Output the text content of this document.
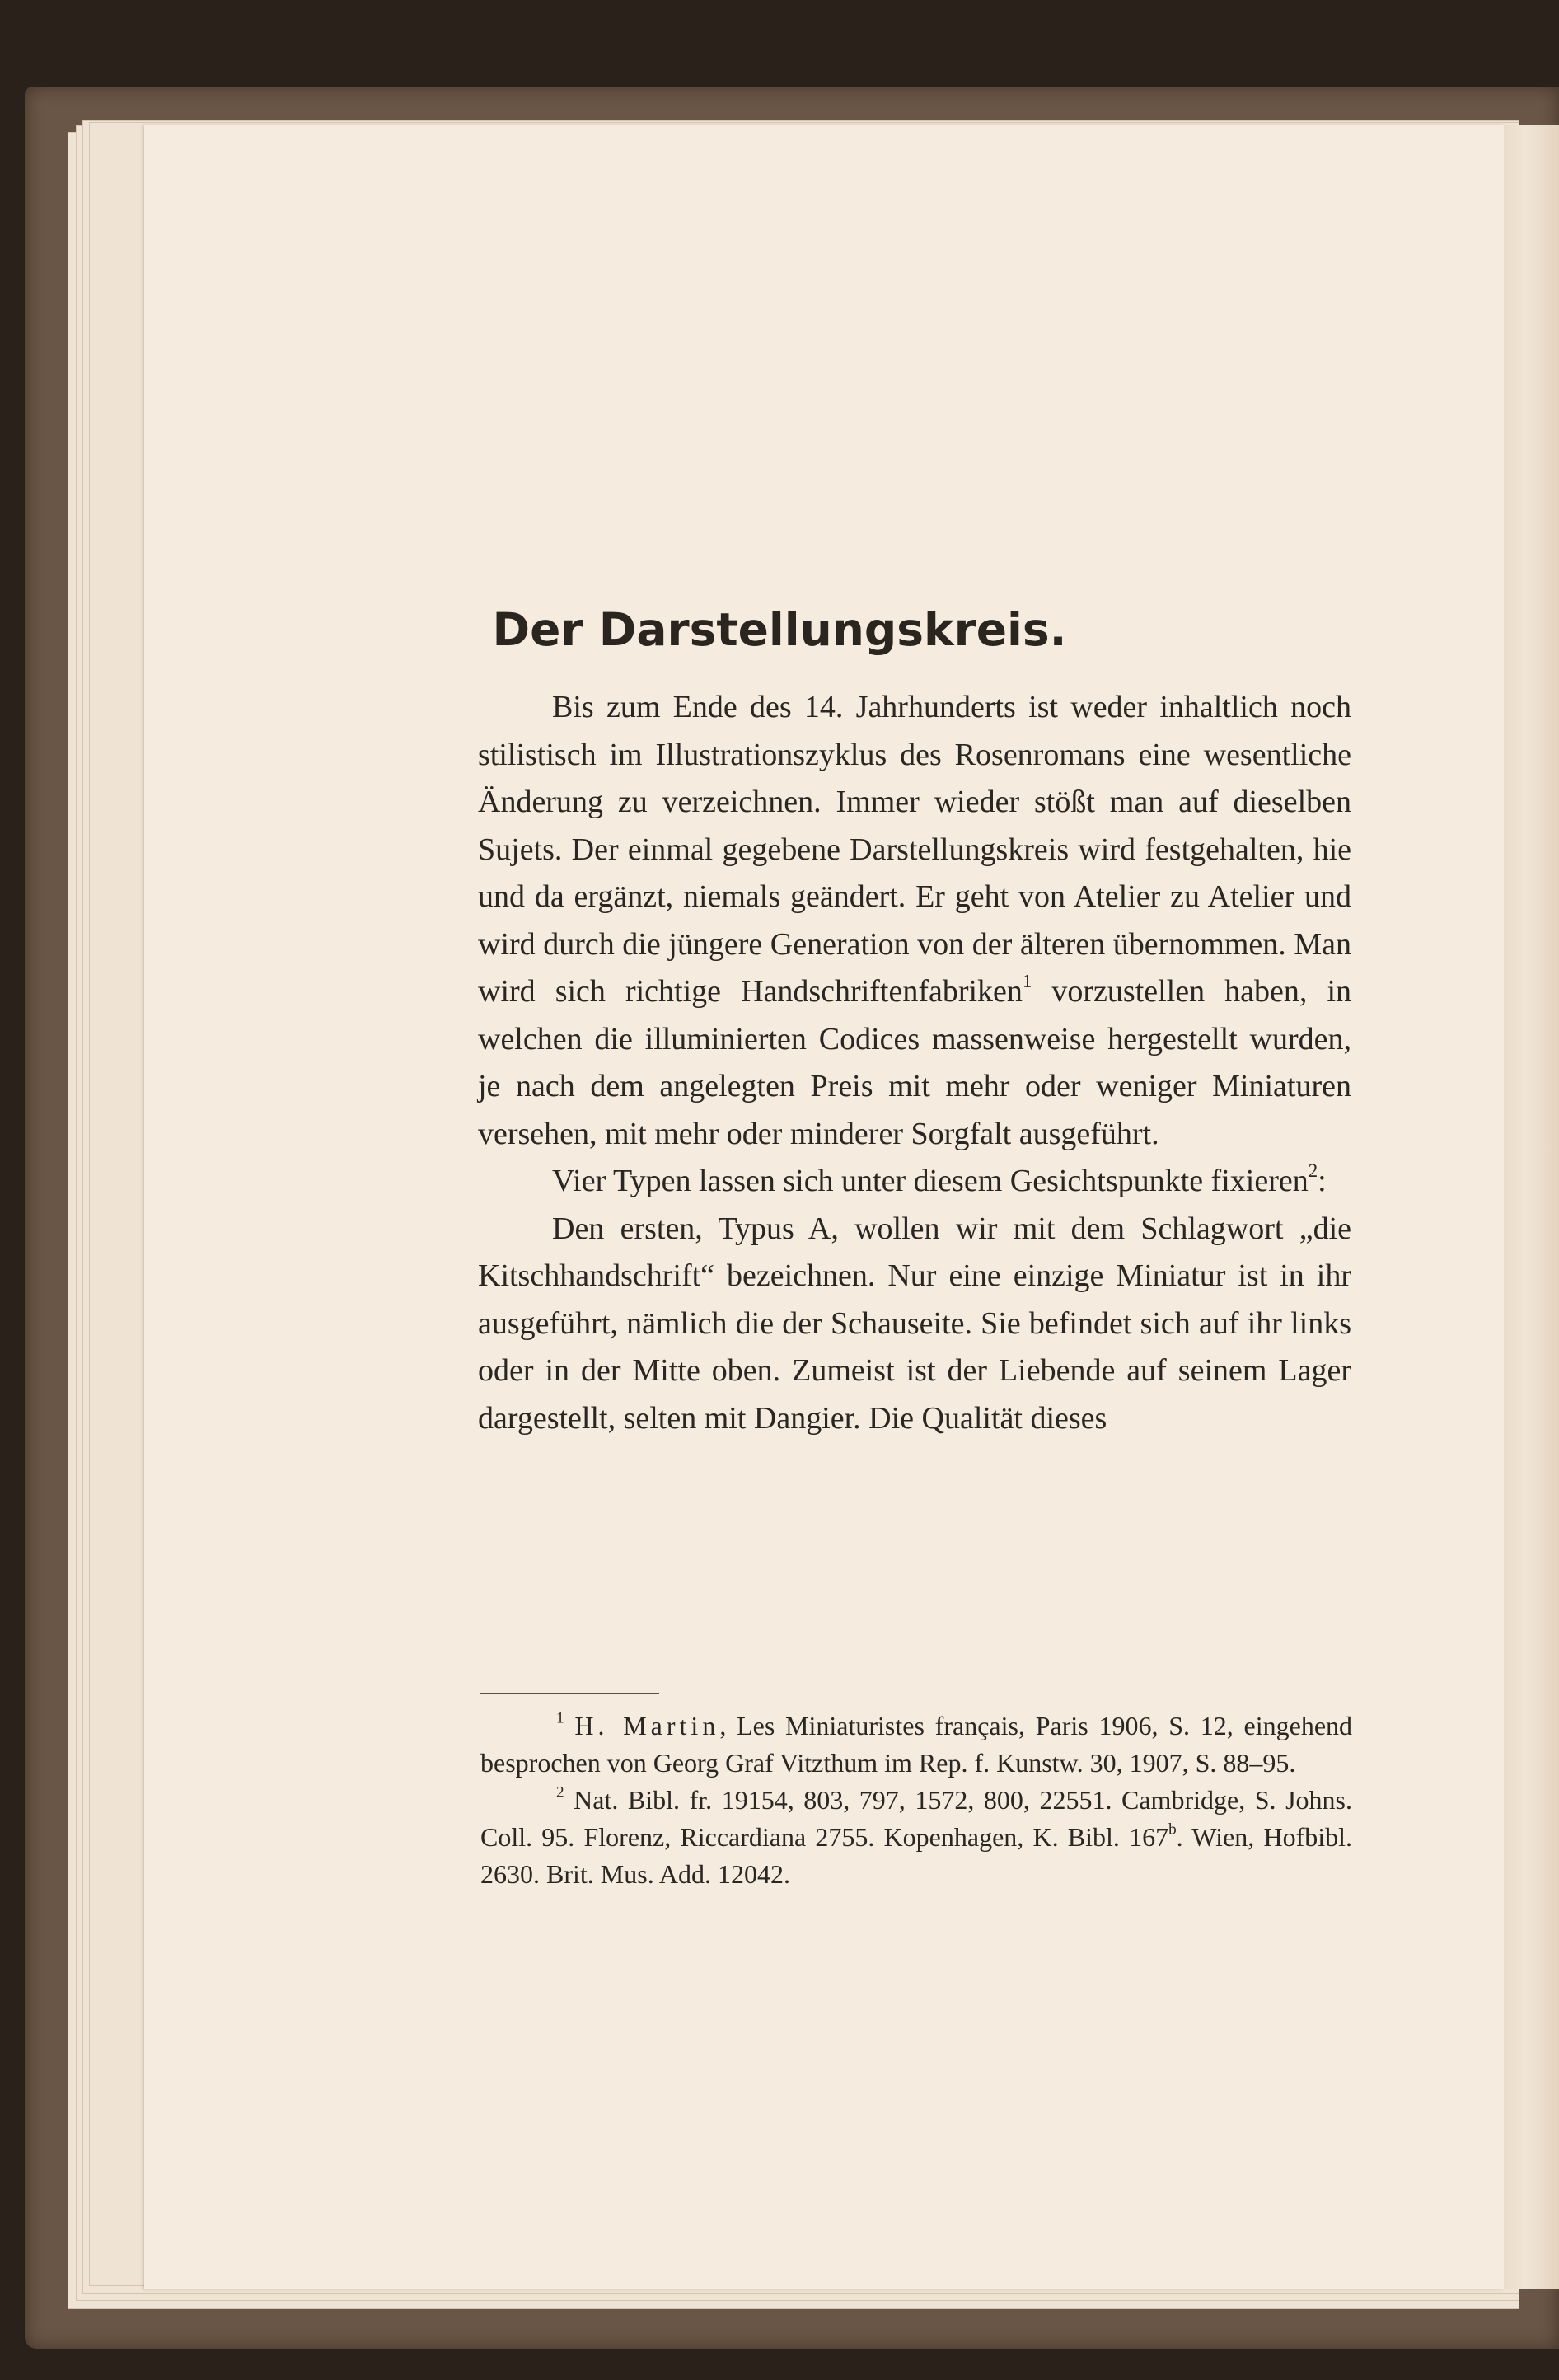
Der Darstellungskreis.

Bis zum Ende des 14. Jahrhunderts ist weder inhaltlich noch stilistisch im Illustrationszyklus des Rosenromans eine wesentliche Änderung zu verzeichnen. Immer wieder stößt man auf dieselben Sujets. Der einmal gegebene Darstellungskreis wird festgehalten, hie und da ergänzt, niemals geändert. Er geht von Atelier zu Atelier und wird durch die jüngere Generation von der älteren übernommen. Man wird sich richtige Handschriftenfabriken$^1$ vorzustellen haben, in welchen die illuminierten Codices massenweise hergestellt wurden, je nach dem angelegten Preis mit mehr oder weniger Miniaturen versehen, mit mehr oder minderer Sorgfalt ausgeführt.

Vier Typen lassen sich unter diesem Gesichtspunkte fixieren$^2$:

Den ersten, Typus A, wollen wir mit dem Schlagwort „die Kitschhandschrift“ bezeichnen. Nur eine einzige Miniatur ist in ihr ausgeführt, nämlich die der Schauseite. Sie befindet sich auf ihr links oder in der Mitte oben. Zumeist ist der Liebende auf seinem Lager dargestellt, selten mit Dangier. Die Qualität dieses

$^1$ H. Martin, Les Miniaturistes français, Paris 1906, S. 12, eingehend besprochen von Georg Graf Vitzthum im Rep. f. Kunstw. 30, 1907, S. 88–95.

$^2$ Nat. Bibl. fr. 19154, 803, 797, 1572, 800, 22551. Cambridge, S. Johns. Coll. 95. Florenz, Riccardiana 2755. Kopenhagen, K. Bibl. 167$^b$. Wien, Hofbibl. 2630. Brit. Mus. Add. 12042.
